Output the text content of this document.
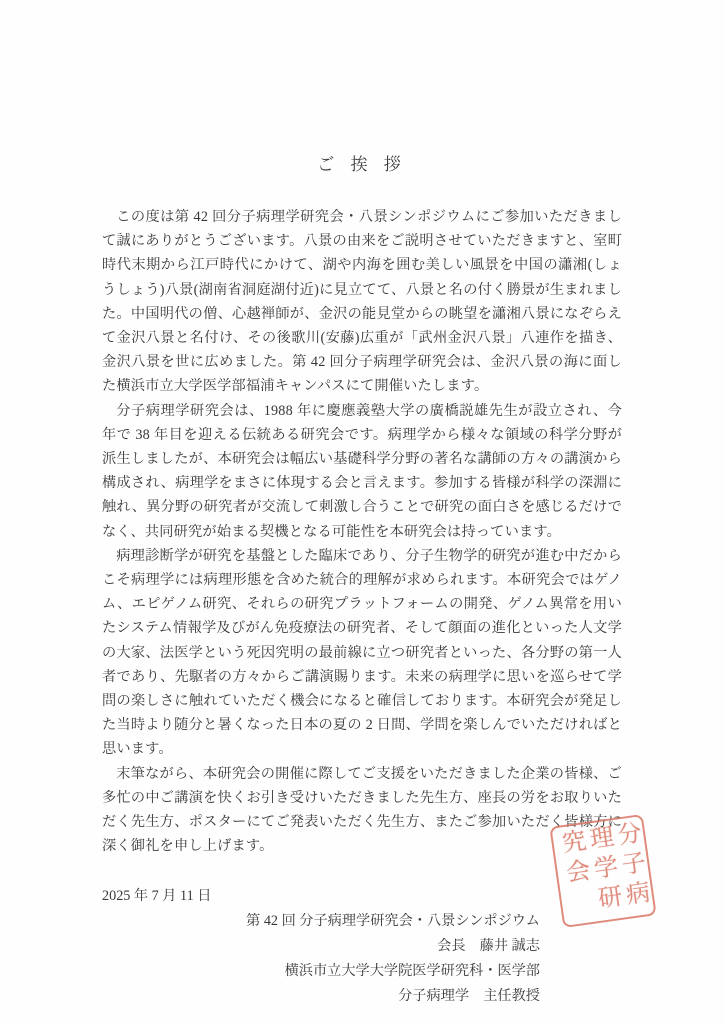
ご 挨 拶

この度は第 42 回分子病理学研究会・八景シンポジウムにご参加いただきまして誠にありがとうございます。八景の由来をご説明させていただきますと、室町時代末期から江戸時代にかけて、湖や内海を囲む美しい風景を中国の瀟湘(しょうしょう)八景(湖南省洞庭湖付近)に見立てて、八景と名の付く勝景が生まれました。中国明代の僧、心越禅師が、金沢の能見堂からの眺望を瀟湘八景になぞらえて金沢八景と名付け、その後歌川(安藤)広重が「武州金沢八景」八連作を描き、金沢八景を世に広めました。第 42 回分子病理学研究会は、金沢八景の海に面した横浜市立大学医学部福浦キャンパスにて開催いたします。

分子病理学研究会は、1988 年に慶應義塾大学の廣橋説雄先生が設立され、今年で 38 年目を迎える伝統ある研究会です。病理学から様々な領域の科学分野が派生しましたが、本研究会は幅広い基礎科学分野の著名な講師の方々の講演から構成され、病理学をまさに体現する会と言えます。参加する皆様が科学の深淵に触れ、異分野の研究者が交流して刺激し合うことで研究の面白さを感じるだけでなく、共同研究が始まる契機となる可能性を本研究会は持っています。

病理診断学が研究を基盤とした臨床であり、分子生物学的研究が進む中だからこそ病理学には病理形態を含めた統合的理解が求められます。本研究会ではゲノム、エピゲノム研究、それらの研究プラットフォームの開発、ゲノム異常を用いたシステム情報学及びがん免疫療法の研究者、そして顔面の進化といった人文学の大家、法医学という死因究明の最前線に立つ研究者といった、各分野の第一人者であり、先駆者の方々からご講演賜ります。未来の病理学に思いを巡らせて学問の楽しさに触れていただく機会になると確信しております。本研究会が発足した当時より随分と暑くなった日本の夏の 2 日間、学問を楽しんでいただければと思います。

末筆ながら、本研究会の開催に際してご支援をいただきました企業の皆様、ご多忙の中ご講演を快くお引き受けいただきました先生方、座長の労をお取りいただく先生方、ポスターにてご発表いただく先生方、またご参加いただく皆様方に深く御礼を申し上げます。

2025 年 7 月 11 日
第 42 回 分子病理学研究会・八景シンポジウム
会長　藤井 誠志
横浜市立大学大学院医学研究科・医学部
分子病理学　主任教授
分子病
理学研
究会
